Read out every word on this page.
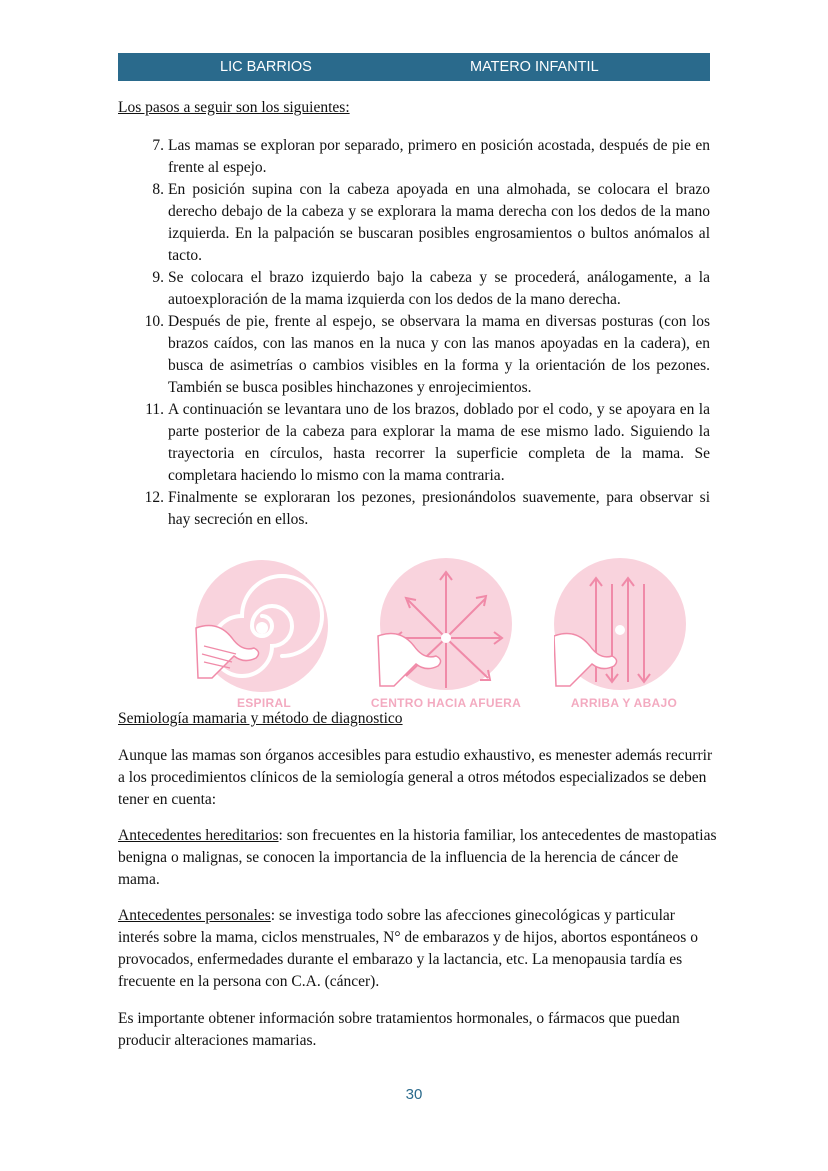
LIC BARRIOS	MATERO INFANTIL
Los pasos a seguir son los siguientes:
7. Las mamas se exploran por separado, primero en posición acostada, después de pie en frente al espejo.
8. En posición supina con la cabeza apoyada en una almohada, se colocara el brazo derecho debajo de la cabeza y se explorara la mama derecha con los dedos de la mano izquierda. En la palpación se buscaran posibles engrosamientos o bultos anómalos al tacto.
9. Se colocara el brazo izquierdo bajo la cabeza y se procederá, análogamente, a la autoexploración de la mama izquierda con los dedos de la mano derecha.
10. Después de pie, frente al espejo, se observara la mama en diversas posturas (con los brazos caídos, con las manos en la nuca y con las manos apoyadas en la cadera), en busca de asimetrías o cambios visibles en la forma y la orientación de los pezones. También se busca posibles hinchazones y enrojecimientos.
11. A continuación se levantara uno de los brazos, doblado por el codo, y se apoyara en la parte posterior de la cabeza para explorar la mama de ese mismo lado. Siguiendo la trayectoria en círculos, hasta recorrer la superficie completa de la mama. Se completara haciendo lo mismo con la mama contraria.
12. Finalmente se exploraran los pezones, presionándolos suavemente, para observar si hay secreción en ellos.
ESPIRAL	CENTRO HACIA AFUERA	ARRIBA Y ABAJO
Semiología mamaria y método de diagnostico
Aunque las mamas son órganos accesibles para estudio exhaustivo, es menester además recurrir a los procedimientos clínicos de la semiología general a otros métodos especializados se deben tener en cuenta:
Antecedentes hereditarios: son frecuentes en la historia familiar, los antecedentes de mastopatias benigna o malignas, se conocen la importancia de la influencia de la herencia de cáncer de mama.
Antecedentes personales: se investiga todo sobre las afecciones ginecológicas y particular interés sobre la mama, ciclos menstruales, N° de embarazos y de hijos, abortos espontáneos o provocados, enfermedades durante el embarazo y la lactancia, etc. La menopausia tardía es frecuente en la persona con C.A. (cáncer).
Es importante obtener información sobre tratamientos hormonales, o fármacos que puedan producir alteraciones mamarias.
30
